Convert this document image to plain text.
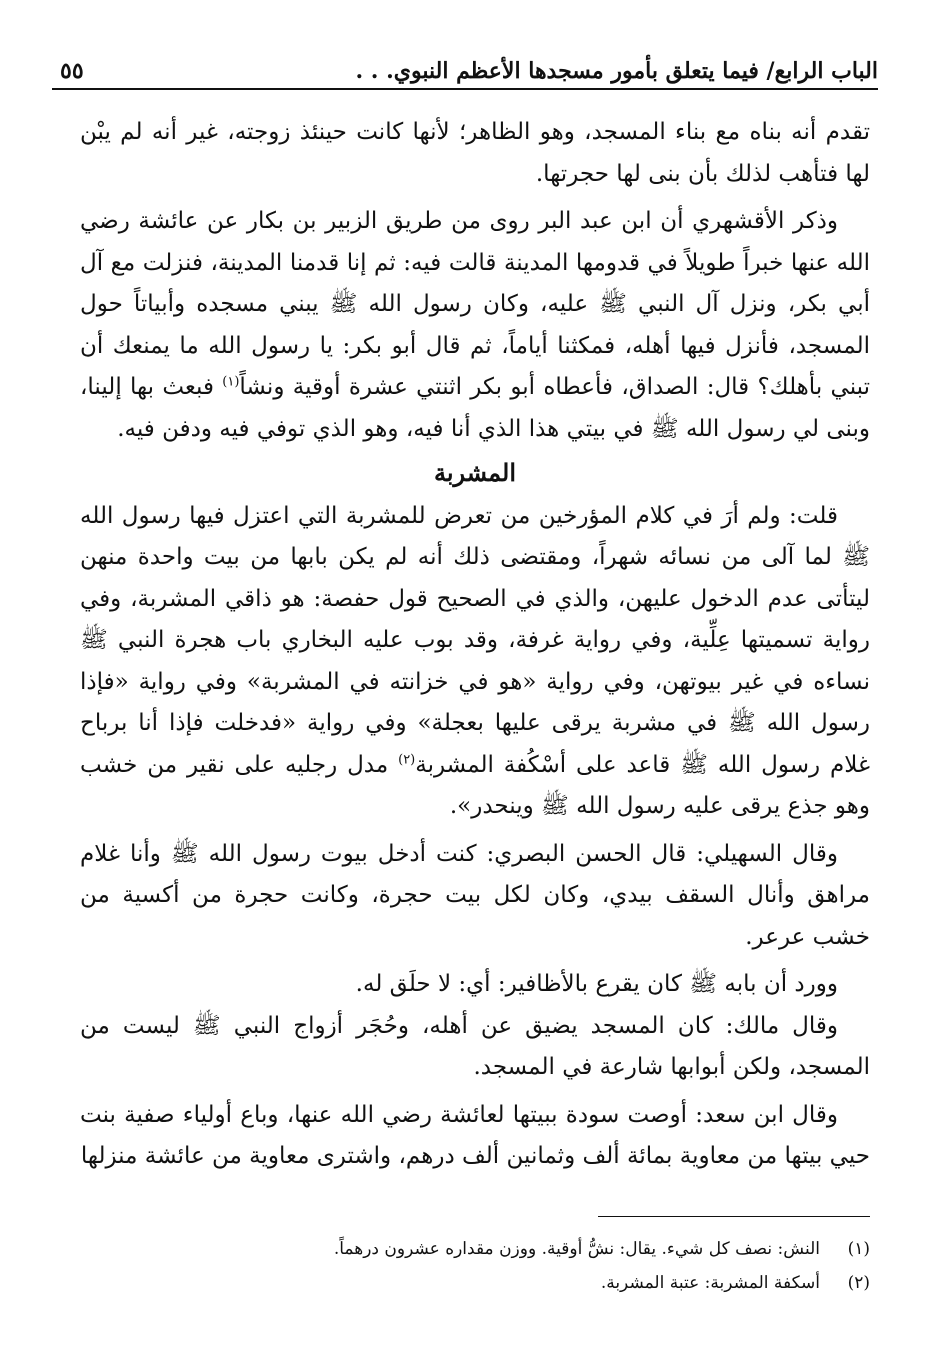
الباب الرابع/ فيما يتعلق بأمور مسجدها الأعظم النبوي. . .
٥٥

تقدم أنه بناه مع بناء المسجد، وهو الظاهر؛ لأنها كانت حينئذ زوجته، غير أنه لم يبْن لها فتأهب لذلك بأن بنى لها حجرتها.

وذكر الأقشهري أن ابن عبد البر روى من طريق الزبير بن بكار عن عائشة رضي الله عنها خبراً طويلاً في قدومها المدينة قالت فيه: ثم إنا قدمنا المدينة، فنزلت مع آل أبي بكر، ونزل آل النبي ﷺ عليه، وكان رسول الله ﷺ يبني مسجده وأبياتاً حول المسجد، فأنزل فيها أهله، فمكثنا أياماً، ثم قال أبو بكر: يا رسول الله ما يمنعك أن تبني بأهلك؟ قال: الصداق، فأعطاه أبو بكر اثنتي عشرة أوقية ونشاً$^{(١)}$ فبعث بها إلينا، وبنى لي رسول الله ﷺ في بيتي هذا الذي أنا فيه، وهو الذي توفي فيه ودفن فيه.

المشربة

قلت: ولم أرَ في كلام المؤرخين من تعرض للمشربة التي اعتزل فيها رسول الله ﷺ لما آلى من نسائه شهراً، ومقتضى ذلك أنه لم يكن بابها من بيت واحدة منهن ليتأتى عدم الدخول عليهن، والذي في الصحيح قول حفصة: هو ذاقي المشربة، وفي رواية تسميتها عِلِّية، وفي رواية غرفة، وقد بوب عليه البخاري باب هجرة النبي ﷺ نساءه في غير بيوتهن، وفي رواية «هو في خزانته في المشربة» وفي رواية «فإذا رسول الله ﷺ في مشربة يرقى عليها بعجلة» وفي رواية «فدخلت فإذا أنا برباح غلام رسول الله ﷺ قاعد على أسْكُفة المشربة$^{(٢)}$ مدل رجليه على نقير من خشب وهو جذع يرقى عليه رسول الله ﷺ وينحدر».

وقال السهيلي: قال الحسن البصري: كنت أدخل بيوت رسول الله ﷺ وأنا غلام مراهق وأنال السقف بيدي، وكان لكل بيت حجرة، وكانت حجرة من أكسية من خشب عرعر.

وورد أن بابه ﷺ كان يقرع بالأظافير: أي: لا حلَق له.

وقال مالك: كان المسجد يضيق عن أهله، وحُجَر أزواج النبي ﷺ ليست من المسجد، ولكن أبوابها شارعة في المسجد.

وقال ابن سعد: أوصت سودة ببيتها لعائشة رضي الله عنها، وباع أولياء صفية بنت حيي بيتها من معاوية بمائة ألف وثمانين ألف درهم، واشترى معاوية من عائشة منزلها

(١)
النش: نصف كل شيء. يقال: نشُّ أوقية. ووزن مقداره عشرون درهماً.
(٢)
أسكفة المشربة: عتبة المشربة.
